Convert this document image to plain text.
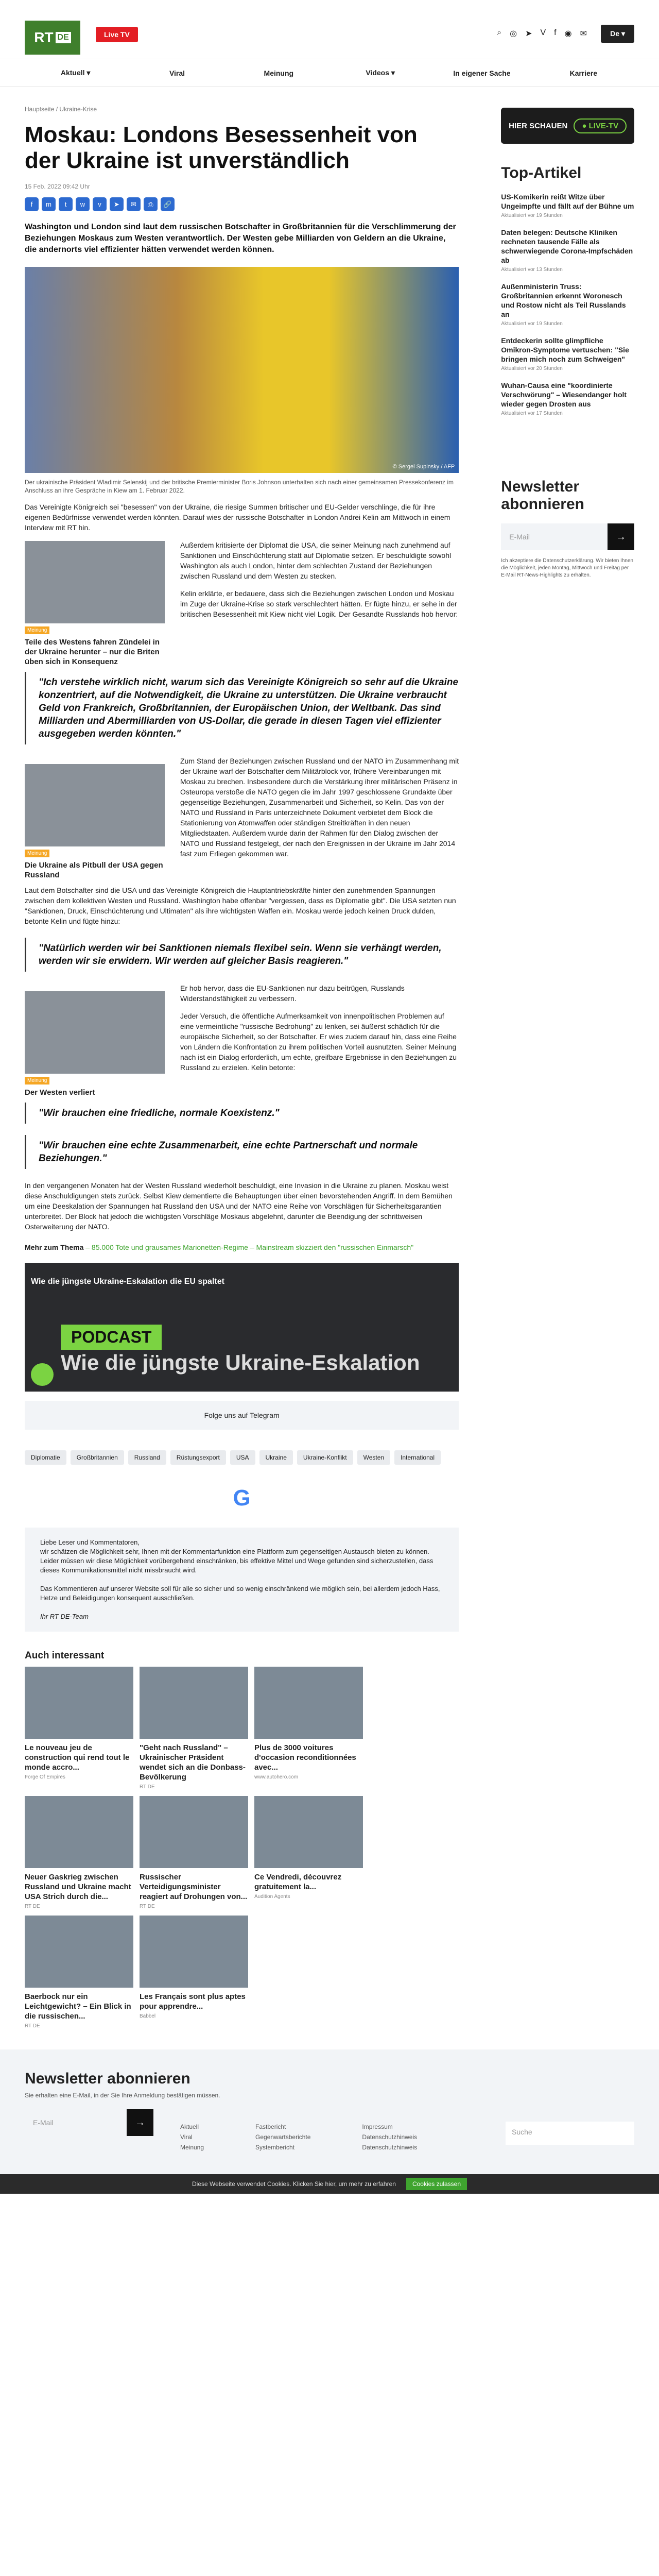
RT DE	Live TV	⌕ ◎ ➤ V f ◉ ✉	De ▾
Aktuell ▾	Viral	Meinung	Videos ▾	In eigener Sache	Karriere
Hauptseite / Ukraine-Krise
Moskau: Londons Besessenheit von der Ukraine ist unverständlich
15 Feb. 2022 09:42 Uhr
f	m	t	w	v	➤	✉	⎙	🔗
Washington und London sind laut dem russischen Botschafter in Großbritannien für die Verschlimmerung der Beziehungen Moskaus zum Westen verantwortlich. Der Westen gebe Milliarden von Geldern an die Ukraine, die andernorts viel effizienter hätten verwendet werden können.
© Sergei Supinsky / AFP
Der ukrainische Präsident Wladimir Selenskij und der britische Premierminister Boris Johnson unterhalten sich nach einer gemeinsamen Pressekonferenz im Anschluss an ihre Gespräche in Kiew am 1. Februar 2022.

Das Vereinigte Königreich sei "besessen" von der Ukraine, die riesige Summen britischer und EU-Gelder verschlinge, die für ihre eigenen Bedürfnisse verwendet werden könnten. Darauf wies der russische Botschafter in London Andrei Kelin am Mittwoch in einem Interview mit RT hin.

Meinung
Teile des Westens fahren Zündelei in der Ukraine herunter – nur die Briten üben sich in Konsequenz

Außerdem kritisierte der Diplomat die USA, die seiner Meinung nach zunehmend auf Sanktionen und Einschüchterung statt auf Diplomatie setzen. Er beschuldigte sowohl Washington als auch London, hinter dem schlechten Zustand der Beziehungen zwischen Russland und dem Westen zu stecken.

Kelin erklärte, er bedauere, dass sich die Beziehungen zwischen London und Moskau im Zuge der Ukraine-Krise so stark verschlechtert hätten. Er fügte hinzu, er sehe in der britischen Besessenheit mit Kiew nicht viel Logik. Der Gesandte Russlands hob hervor:

"Ich verstehe wirklich nicht, warum sich das Vereinigte Königreich so sehr auf die Ukraine konzentriert, auf die Notwendigkeit, die Ukraine zu unterstützen. Die Ukraine verbraucht Geld von Frankreich, Großbritannien, der Europäischen Union, der Weltbank. Das sind Milliarden und Abermilliarden von US-Dollar, die gerade in diesen Tagen viel effizienter ausgegeben werden könnten."
Meinung
Die Ukraine als Pitbull der USA gegen Russland

Zum Stand der Beziehungen zwischen Russland und der NATO im Zusammenhang mit der Ukraine warf der Botschafter dem Militärblock vor, frühere Vereinbarungen mit Moskau zu brechen. Insbesondere durch die Verstärkung ihrer militärischen Präsenz in Osteuropa verstoße die NATO gegen die im Jahr 1997 geschlossene Grundakte über gegenseitige Beziehungen, Zusammenarbeit und Sicherheit, so Kelin. Das von der NATO und Russland in Paris unterzeichnete Dokument verbietet dem Block die Stationierung von Atomwaffen oder ständigen Streitkräften in den neuen Mitgliedstaaten. Außerdem wurde darin der Rahmen für den Dialog zwischen der NATO und Russland festgelegt, der nach den Ereignissen in der Ukraine im Jahr 2014 fast zum Erliegen gekommen war.

Laut dem Botschafter sind die USA und das Vereinigte Königreich die Hauptantriebskräfte hinter den zunehmenden Spannungen zwischen dem kollektiven Westen und Russland. Washington habe offenbar "vergessen, dass es Diplomatie gibt". Die USA setzten nun "Sanktionen, Druck, Einschüchterung und Ultimaten" als ihre wichtigsten Waffen ein. Moskau werde jedoch keinen Druck dulden, betonte Kelin und fügte hinzu:

"Natürlich werden wir bei Sanktionen niemals flexibel sein. Wenn sie verhängt werden, werden wir sie erwidern. Wir werden auf gleicher Basis reagieren."
Meinung
Der Westen verliert

Er hob hervor, dass die EU-Sanktionen nur dazu beitrügen, Russlands Widerstandsfähigkeit zu verbessern.

Jeder Versuch, die öffentliche Aufmerksamkeit von innenpolitischen Problemen auf eine vermeintliche "russische Bedrohung" zu lenken, sei äußerst schädlich für die europäische Sicherheit, so der Botschafter. Er wies zudem darauf hin, dass eine Reihe von Ländern die Konfrontation zu ihrem politischen Vorteil ausnutzten. Seiner Meinung nach ist ein Dialog erforderlich, um echte, greifbare Ergebnisse in den Beziehungen zu Russland zu erzielen. Kelin betonte:

"Wir brauchen eine friedliche, normale Koexistenz."
"Wir brauchen eine echte Zusammenarbeit, eine echte Partnerschaft und normale Beziehungen."

In den vergangenen Monaten hat der Westen Russland wiederholt beschuldigt, eine Invasion in die Ukraine zu planen. Moskau weist diese Anschuldigungen stets zurück. Selbst Kiew dementierte die Behauptungen über einen bevorstehenden Angriff. In dem Bemühen um eine Deeskalation der Spannungen hat Russland den USA und der NATO eine Reihe von Vorschlägen für Sicherheitsgarantien unterbreitet. Der Block hat jedoch die wichtigsten Vorschläge Moskaus abgelehnt, darunter die Beendigung der schrittweisen Osterweiterung der NATO.

Mehr zum Thema – 85.000 Tote und grausames Marionetten-Regime – Mainstream skizziert den "russischen Einmarsch"
Wie die jüngste Ukraine-Eskalation die EU spaltet
PODCAST
Wie die jüngste Ukraine-Eskalation
Folge uns auf Telegram
Diplomatie	Großbritannien	Russland	Rüstungsexport	USA	Ukraine	Ukraine-Konflikt	Westen	International
G
Liebe Leser und Kommentatoren,
wir schätzen die Möglichkeit sehr, Ihnen mit der Kommentarfunktion eine Plattform zum gegenseitigen Austausch bieten zu können. Leider müssen wir diese Möglichkeit vorübergehend einschränken, bis effektive Mittel und Wege gefunden sind sicherzustellen, dass dieses Kommunikationsmittel nicht missbraucht wird.

Das Kommentieren auf unserer Website soll für alle so sicher und so wenig einschränkend wie möglich sein, bei allerdem jedoch Hass, Hetze und Beleidigungen konsequent ausschließen.

Ihr RT DE-Team
Auch interessant
Le nouveau jeu de construction qui rend tout le monde accro...
Forge Of Empires
"Geht nach Russland" – Ukrainischer Präsident wendet sich an die Donbass-Bevölkerung
RT DE
Plus de 3000 voitures d'occasion reconditionnées avec...
www.autohero.com
Neuer Gaskrieg zwischen Russland und Ukraine macht USA Strich durch die...
RT DE
Russischer Verteidigungsminister reagiert auf Drohungen von...
RT DE
Ce Vendredi, découvrez gratuitement la...
Audition Agents
Baerbock nur ein Leichtgewicht? – Ein Blick in die russischen...
RT DE
Les Français sont plus aptes pour apprendre...
Babbel
HIER SCHAUEN	● LIVE-TV
Top-Artikel
US-Komikerin reißt Witze über Ungeimpfte und fällt auf der Bühne um
Aktualisiert vor 19 Stunden
Daten belegen: Deutsche Kliniken rechneten tausende Fälle als schwerwiegende Corona-Impfschäden ab
Aktualisiert vor 13 Stunden
Außenministerin Truss: Großbritannien erkennt Woronesch und Rostow nicht als Teil Russlands an
Aktualisiert vor 19 Stunden
Entdeckerin sollte glimpfliche Omikron-Symptome vertuschen: "Sie bringen mich noch zum Schweigen"
Aktualisiert vor 20 Stunden
Wuhan-Causa eine "koordinierte Verschwörung" – Wiesendanger holt wieder gegen Drosten aus
Aktualisiert vor 17 Stunden
Newsletter abonnieren
E-Mail	→
Ich akzeptiere die Datenschutzerklärung. Wir bieten Ihnen die Möglichkeit, jeden Montag, Mittwoch und Freitag per E-Mail RT-News-Highlights zu erhalten.
Newsletter abonnieren
Sie erhalten eine E-Mail, in der Sie Ihre Anmeldung bestätigen müssen.
E-Mail	→	Aktuell
Viral
Meinung
Fastbericht
Gegenwartsberichte
Systembericht
Impressum
Datenschutzhinweis
Datenschutzhinweis
Suche
Diese Webseite verwendet Cookies. Klicken Sie hier, um mehr zu erfahren	Cookies zulassen
